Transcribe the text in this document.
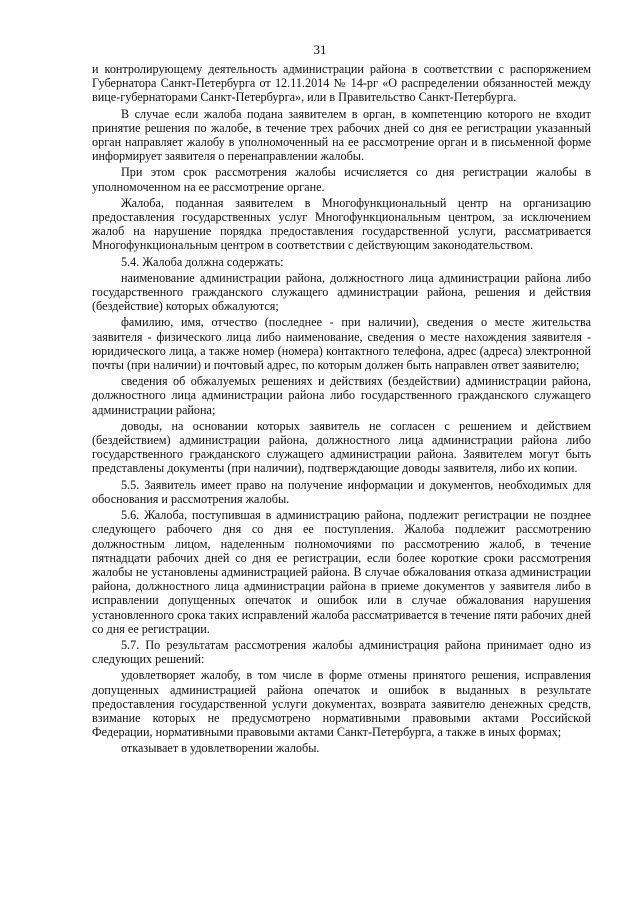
31

и контролирующему деятельность администрации района в соответствии с распоряжением Губернатора Санкт-Петербурга от 12.11.2014 № 14-рг «О распределении обязанностей между вице-губернаторами Санкт-Петербурга», или в Правительство Санкт-Петербурга.

В случае если жалоба подана заявителем в орган, в компетенцию которого не входит принятие решения по жалобе, в течение трех рабочих дней со дня ее регистрации указанный орган направляет жалобу в уполномоченный на ее рассмотрение орган и в письменной форме информирует заявителя о перенаправлении жалобы.

При этом срок рассмотрения жалобы исчисляется со дня регистрации жалобы в уполномоченном на ее рассмотрение органе.

Жалоба, поданная заявителем в Многофункциональный центр на организацию предоставления государственных услуг Многофункциональным центром, за исключением жалоб на нарушение порядка предоставления государственной услуги, рассматривается Многофункциональным центром в соответствии с действующим законодательством.

5.4. Жалоба должна содержать:

наименование администрации района, должностного лица администрации района либо государственного гражданского служащего администрации района, решения и действия (бездействие) которых обжалуются;

фамилию, имя, отчество (последнее - при наличии), сведения о месте жительства заявителя - физического лица либо наименование, сведения о месте нахождения заявителя - юридического лица, а также номер (номера) контактного телефона, адрес (адреса) электронной почты (при наличии) и почтовый адрес, по которым должен быть направлен ответ заявителю;

сведения об обжалуемых решениях и действиях (бездействии) администрации района, должностного лица администрации района либо государственного гражданского служащего администрации района;

доводы, на основании которых заявитель не согласен с решением и действием (бездействием) администрации района, должностного лица администрации района либо государственного гражданского служащего администрации района. Заявителем могут быть представлены документы (при наличии), подтверждающие доводы заявителя, либо их копии.

5.5. Заявитель имеет право на получение информации и документов, необходимых для обоснования и рассмотрения жалобы.

5.6. Жалоба, поступившая в администрацию района, подлежит регистрации не позднее следующего рабочего дня со дня ее поступления. Жалоба подлежит рассмотрению должностным лицом, наделенным полномочиями по рассмотрению жалоб, в течение пятнадцати рабочих дней со дня ее регистрации, если более короткие сроки рассмотрения жалобы не установлены администрацией района. В случае обжалования отказа администрации района, должностного лица администрации района в приеме документов у заявителя либо в исправлении допущенных опечаток и ошибок или в случае обжалования нарушения установленного срока таких исправлений жалоба рассматривается в течение пяти рабочих дней со дня ее регистрации.

5.7. По результатам рассмотрения жалобы администрация района принимает одно из следующих решений:

удовлетворяет жалобу, в том числе в форме отмены принятого решения, исправления допущенных администрацией района опечаток и ошибок в выданных в результате предоставления государственной услуги документах, возврата заявителю денежных средств, взимание которых не предусмотрено нормативными правовыми актами Российской Федерации, нормативными правовыми актами Санкт-Петербурга, а также в иных формах;

отказывает в удовлетворении жалобы.
